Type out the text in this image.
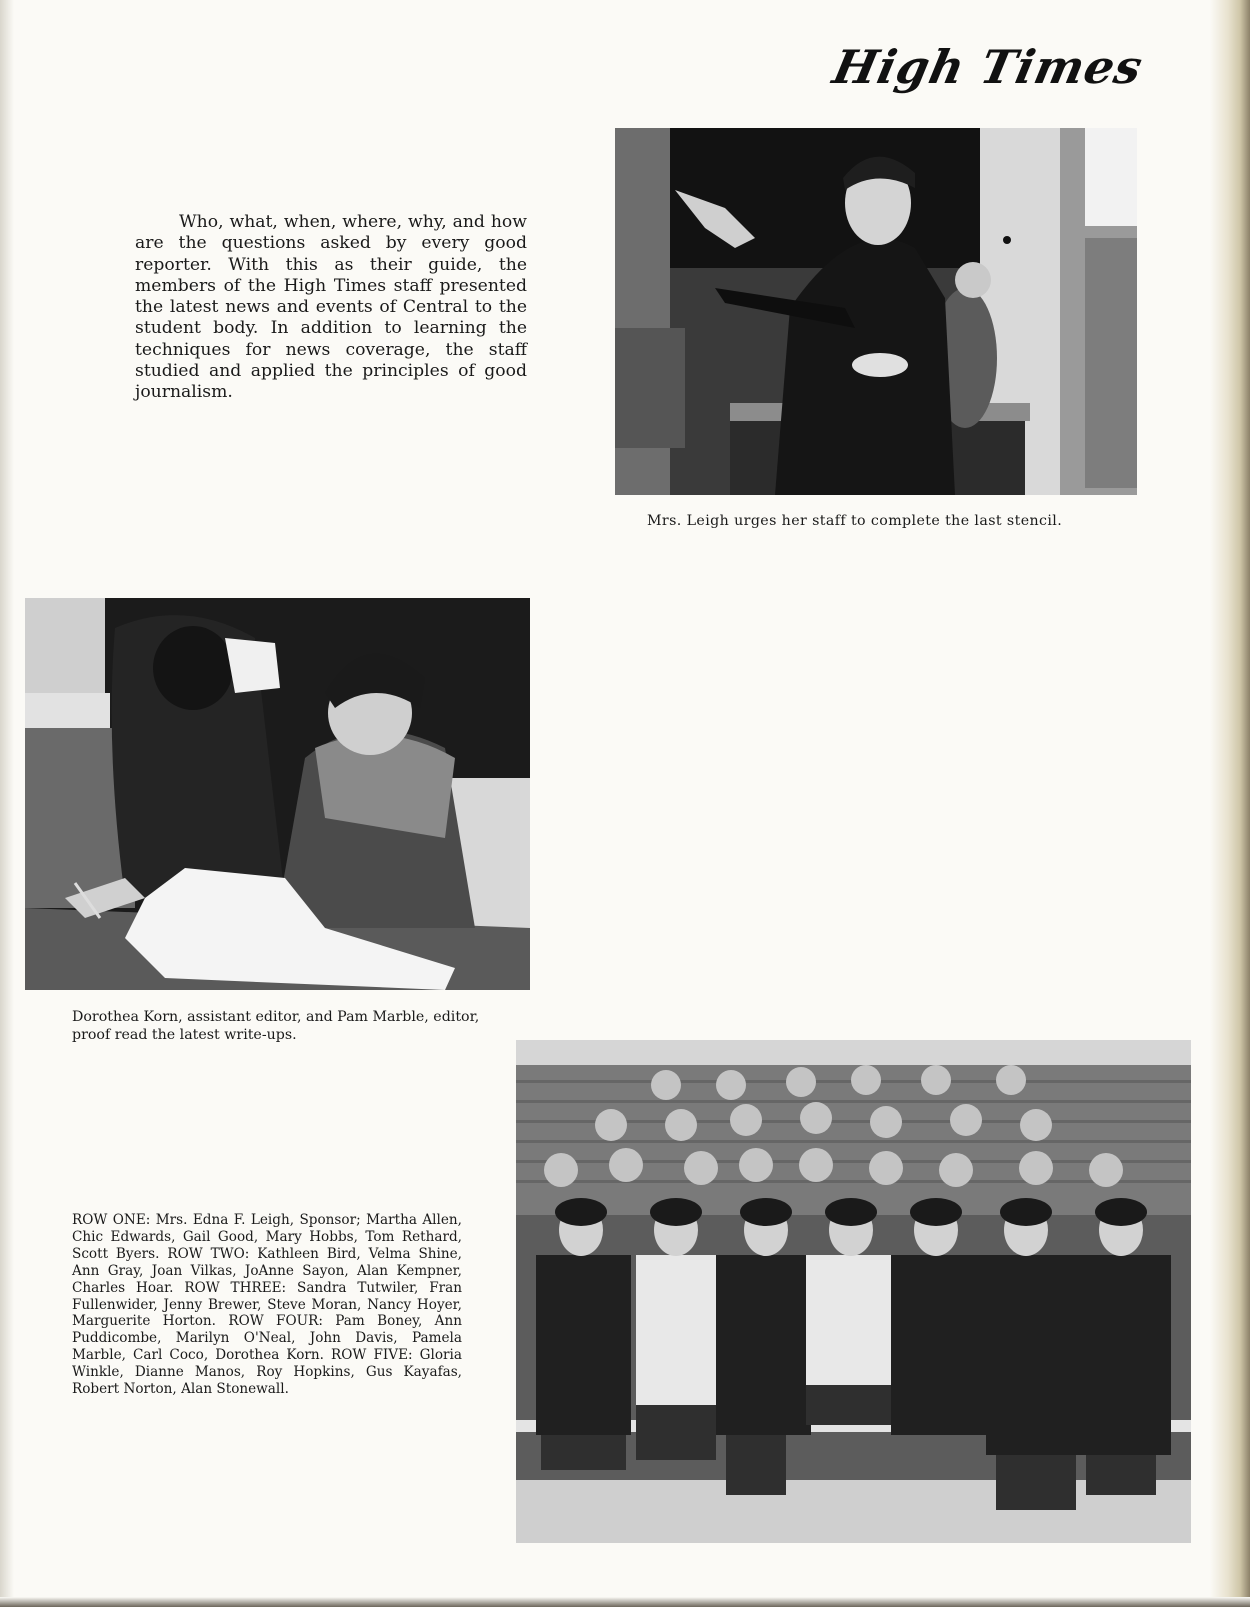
High Times

Who, what, when, where, why, and how are the questions asked by every good reporter. With this as their guide, the members of the High Times staff presented the latest news and events of Central to the student body. In addition to learning the techniques for news coverage, the staff studied and applied the principles of good journalism.

Mrs. Leigh urges her staff to complete the last stencil.

Dorothea Korn, assistant editor, and Pam Marble, editor, proof read the latest write-ups.

ROW ONE: Mrs. Edna F. Leigh, Sponsor; Martha Allen, Chic Edwards, Gail Good, Mary Hobbs, Tom Rethard, Scott Byers. ROW TWO: Kathleen Bird, Velma Shine, Ann Gray, Joan Vilkas, JoAnne Sayon, Alan Kempner, Charles Hoar. ROW THREE: Sandra Tutwiler, Fran Fullenwider, Jenny Brewer, Steve Moran, Nancy Hoyer, Marguerite Horton. ROW FOUR: Pam Boney, Ann Puddicombe, Marilyn O'Neal, John Davis, Pamela Marble, Carl Coco, Dorothea Korn. ROW FIVE: Gloria Winkle, Dianne Manos, Roy Hopkins, Gus Kayafas, Robert Norton, Alan Stonewall.
